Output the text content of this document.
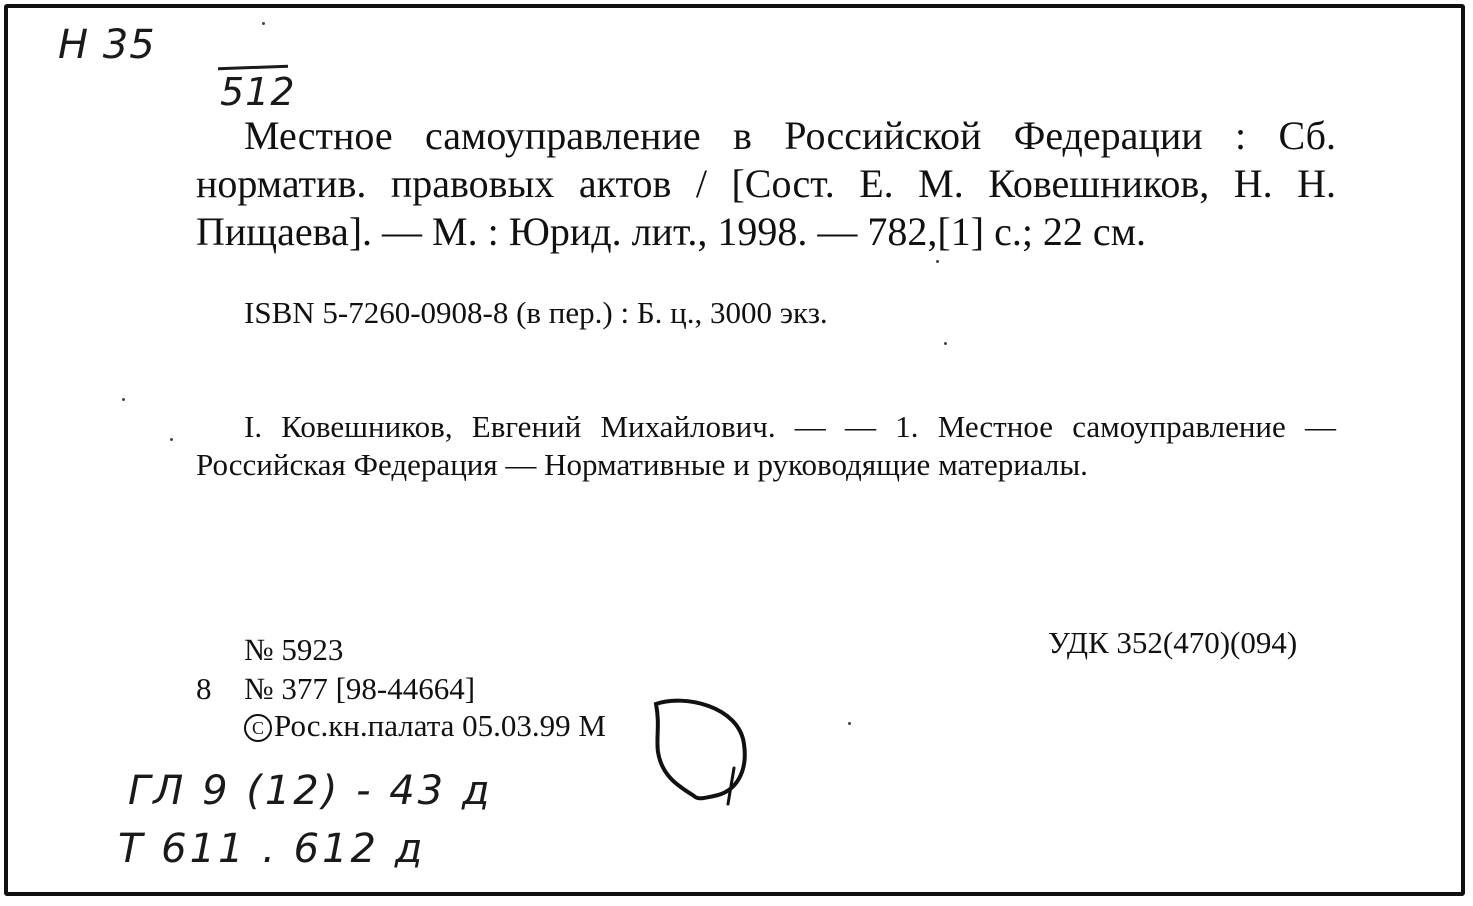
Н 35
512

Местное самоуправление в Российской Федерации : Сб. норматив. правовых актов / [Сост. Е. М. Ковешников, Н. Н. Пищаева]. — М. : Юрид. лит., 1998. — 782,[1] с.; 22 см.

ISBN 5-7260-0908-8 (в пер.) : Б. ц., 3000 экз.

I. Ковешников, Евгений Михайлович. — — 1. Местное самоуправление — Российская Федерация — Нормативные и руководящие материалы.

№ 5923	УДК 352(470)(094)
8 № 377 [98-44664]
C Рос.кн.палата 05.03.99 М
ГЛ 9 (12) - 43 д
Т 611 . 612 д
